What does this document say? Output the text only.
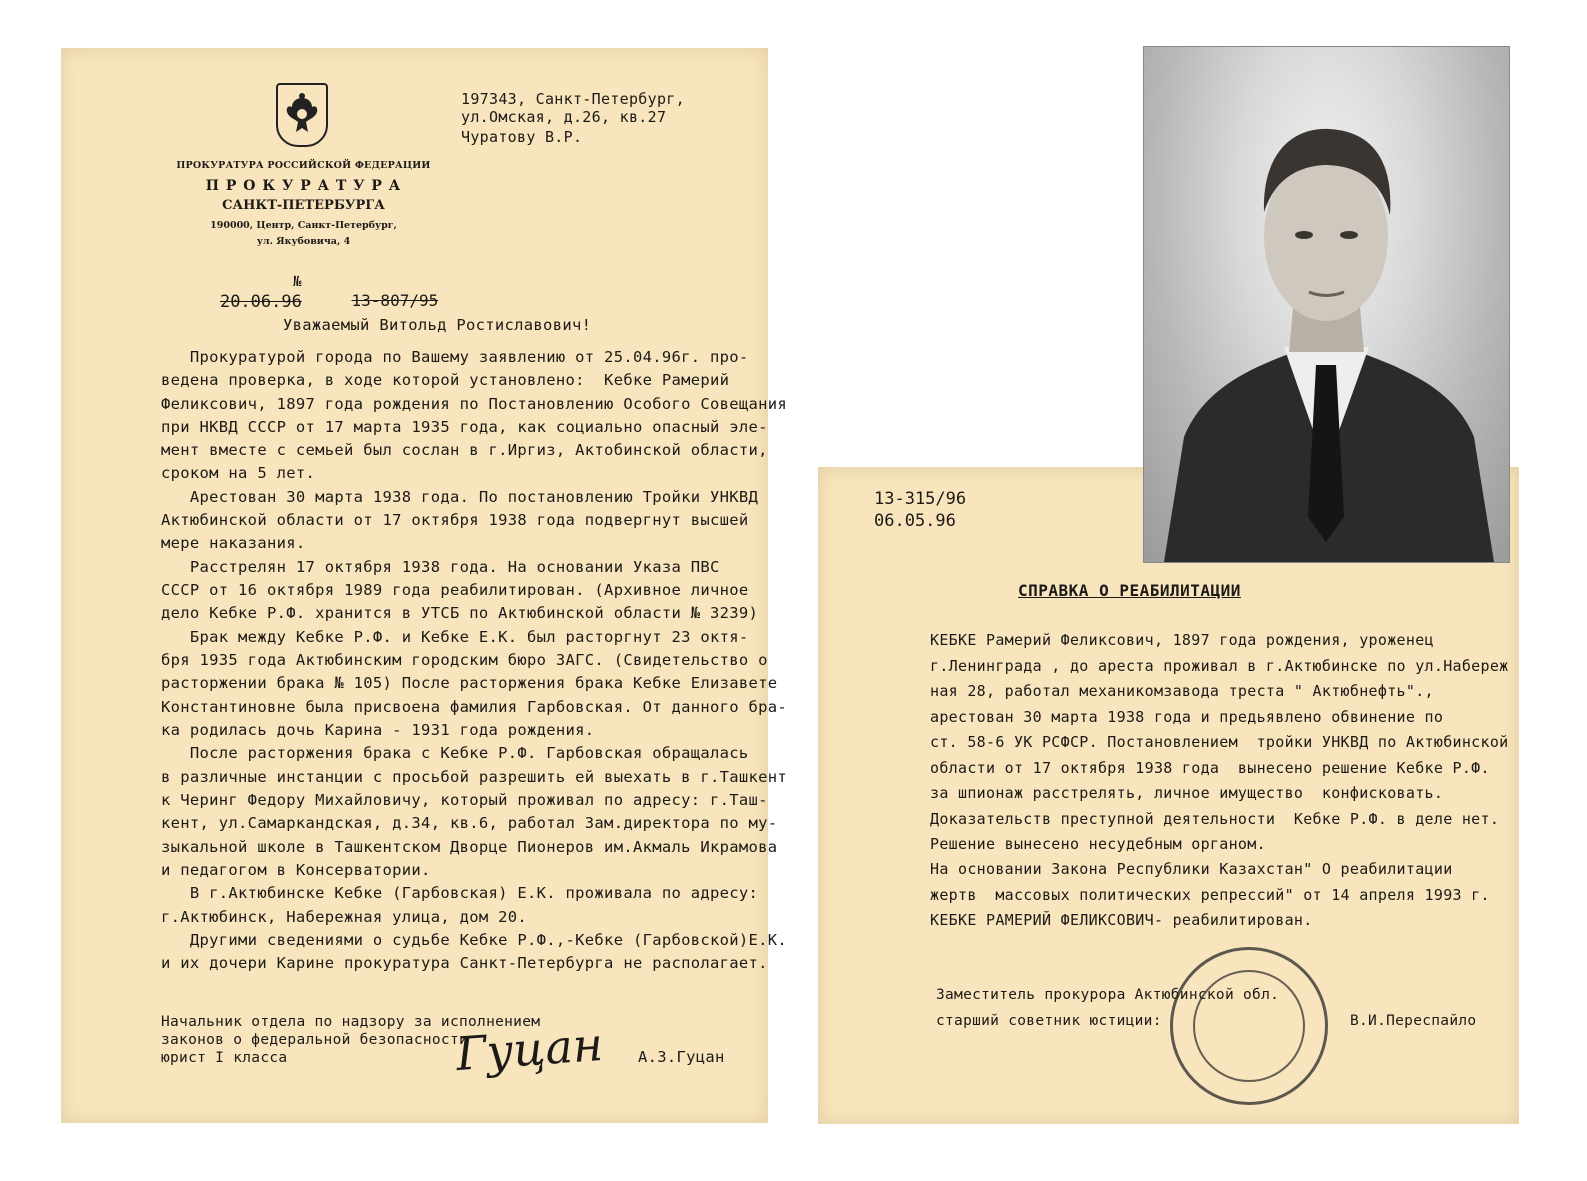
ПРОКУРАТУРА РОССИЙСКОЙ ФЕДЕРАЦИИ
П Р О К У Р А Т У Р А
САНКТ-ПЕТЕРБУРГА
190000, Центр, Санкт-Петербург,
ул. Якубовича, 4
197343, Санкт-Петербург,
ул.Омская, д.26, кв.27
Чуратову В.Р.

20.06.96

№

13-807/95

Уважаемый Витольд Ростиславович!
Прокуратурой города по Вашему заявлению от 25.04.96г. про-
ведена проверка, в ходе которой установлено:  Кебке Рамерий
Феликсович, 1897 года рождения по Постановлению Особого Совещания
при НКВД СССР от 17 марта 1935 года, как социально опасный эле-
мент вместе с семьей был сослан в г.Иргиз, Актобинской области,
сроком на 5 лет.
Арестован 30 марта 1938 года. По постановлению Тройки УНКВД
Актюбинской области от 17 октября 1938 года подвергнут высшей
мере наказания.
Расстрелян 17 октября 1938 года. На основании Указа ПВС
СССР от 16 октября 1989 года реабилитирован. (Архивное личное
дело Кебке Р.Ф. хранится в УТСБ по Актюбинской области № 3239)
Брак между Кебке Р.Ф. и Кебке Е.К. был расторгнут 23 октя-
бря 1935 года Актюбинским городским бюро ЗАГС. (Свидетельство о
расторжении брака № 105) После расторжения брака Кебке Елизавете
Константиновне была присвоена фамилия Гарбовская. От данного бра-
ка родилась дочь Карина - 1931 года рождения.
После расторжения брака с Кебке Р.Ф. Гарбовская обращалась
в различные инстанции с просьбой разрешить ей выехать в г.Ташкент
к Черинг Федору Михайловичу, который проживал по адресу: г.Таш-
кент, ул.Самаркандская, д.34, кв.6, работал Зам.директора по му-
зыкальной школе в Ташкентском Дворце Пионеров им.Акмаль Икрамова
и педагогом в Консерватории.
В г.Актюбинске Кебке (Гарбовская) Е.К. проживала по адресу:
г.Актюбинск, Набережная улица, дом 20.
Другими сведениями о судьбе Кебке Р.Ф.,-Кебке (Гарбовской)Е.К.
и их дочери Карине прокуратура Санкт-Петербурга не располагает.
Начальник отдела по надзору за исполнением
законов о федеральной безопасности
юрист I класса	Гуцан А.З.Гуцан
13-315/96
06.05.96
СПРАВКА О РЕАБИЛИТАЦИИ
КЕБКЕ Рамерий Феликсович, 1897 года рождения, уроженец
г.Ленинграда , до ареста проживал в г.Актюбинске по ул.Набереж
ная 28, работал механикомзавода треста " Актюбнефть".,
арестован 30 марта 1938 года и предьявлено обвинение по
ст. 58-6 УК РСФСР. Постановлением  тройки УНКВД по Актюбинской
области от 17 октября 1938 года  вынесено решение Кебке Р.Ф.
за шпионаж расстрелять, личное имущество  конфисковать.
Доказательств преступной деятельности  Кебке Р.Ф. в деле нет.
Решение вынесено несудебным органом.
На основании Закона Республики Казахстан" О реабилитации
жертв  массовых политических репрессий" от 14 апреля 1993 г.
КЕБКЕ РАМЕРИЙ ФЕЛИКСОВИЧ- реабилитирован.
Заместитель прокурора Актюбинской обл.
старший советник юстиции:	В.И.Переспайло
